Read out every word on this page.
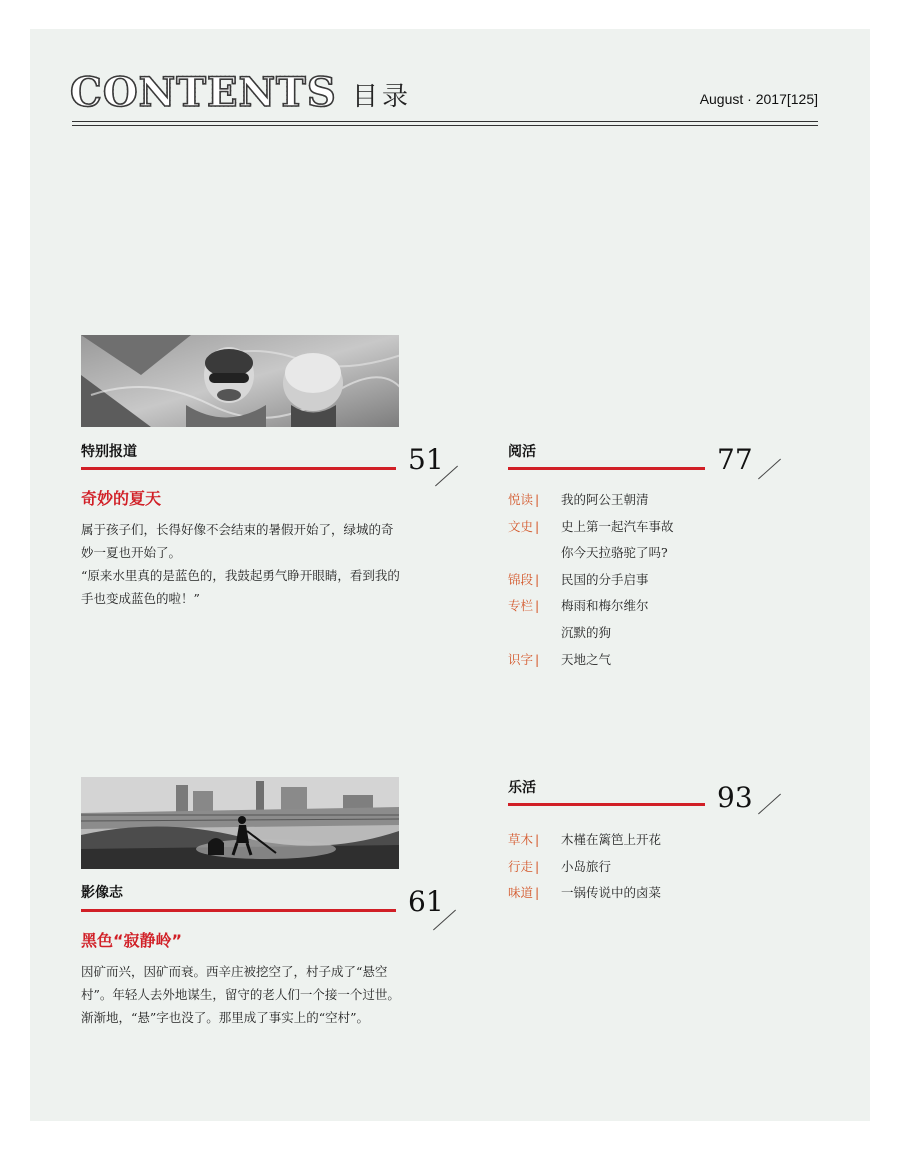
CONTENTS 目录	August · 2017[125]
特别报道	51
奇妙的夏天

属于孩子们，长得好像不会结束的暑假开始了，绿城的奇妙一夏也开始了。

“原来水里真的是蓝色的，我鼓起勇气睁开眼睛，看到我的手也变成蓝色的啦！”

阅活	77
悦读 |	我的阿公王朝清
文史 |	史上第一起汽车事故
你今天拉骆驼了吗?
锦段 |	民国的分手启事
专栏 |	梅雨和梅尔维尔
沉默的狗
识字 |	天地之气
影像志	61
黑色“寂静岭”

因矿而兴，因矿而衰。西辛庄被挖空了，村子成了“悬空村”。年轻人去外地谋生，留守的老人们一个接一个过世。渐渐地，“悬”字也没了。那里成了事实上的“空村”。

乐活	93
草木 |	木槿在篱笆上开花
行走 |	小岛旅行
味道 |	一锅传说中的卤菜
